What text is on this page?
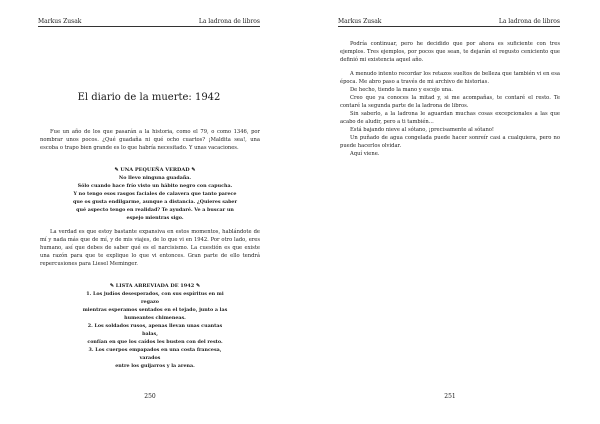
Markus Zusak	La ladrona de libros
El diario de la muerte: 1942

Fue un año de los que pasarán a la historia, como el 79, o como 1346, por nombrar unos pocos. ¿Qué guadaña ni qué ocho cuartos? ¡Maldita sea!, una escoba o trapo bien grande es lo que habría necesitado. Y unas vacaciones.

✎ UNA PEQUEÑA VERDAD ✎

No llevo ninguna guadaña.

Sólo cuando hace frío visto un hábito negro con capucha.

Y no tengo esos rasgos faciales de calavera que tanto parece

que os gusta endilgarme, aunque a distancia. ¿Quieres saber

qué aspecto tengo en realidad? Te ayudaré. Ve a buscar un

espejo mientras sigo.

La verdad es que estoy bastante expansiva en estos momentos, hablándote de mí y nada más que de mí, y de mis viajes, de lo que vi en 1942. Por otro lado, eres humano, así que debes de saber qué es el narcisismo. La cuestión es que existe una razón para que te explique lo que vi entonces. Gran parte de ello tendrá repercusiones para Liesel Meminger.

✎ LISTA ABREVIADA DE 1942 ✎

1. Los judíos desesperados, con sus espíritus en mi regazo

mientras esperamos sentados en el tejado, junto a las

humeantes chimeneas.

2. Los soldados rusos, apenas llevan unas cuantas balas,

confían en que los caídos les busten con del resto.

3. Los cuerpos empapados en una costa francesa, varados

entre los guijarros y la arena.

250
Markus Zusak	La ladrona de libros

Podría continuar, pero he decidido que por ahora es suficiente con tres ejemplos. Tres ejemplos, por pocos que sean, te dejarán el regusto ceniciento que definió mi existencia aquel año.

A menudo intento recordar los retazos sueltos de belleza que también vi en esa época. Me abro paso a través de mi archivo de historias.

De hecho, tiendo la mano y escojo una.

Creo que ya conoces la mitad y, si me acompañas, te contaré el resto. Te contaré la segunda parte de la ladrona de libros.

Sin saberlo, a la ladrona le aguardan muchas cosas excepcionales a las que acabo de aludir, pero a ti también...

Está bajando nieve al sótano, ¡precisamente al sótano!

Un puñado de agua congelada puede hacer sonreír casi a cualquiera, pero no puede hacerlos olvidar.

Aquí viene.

251
